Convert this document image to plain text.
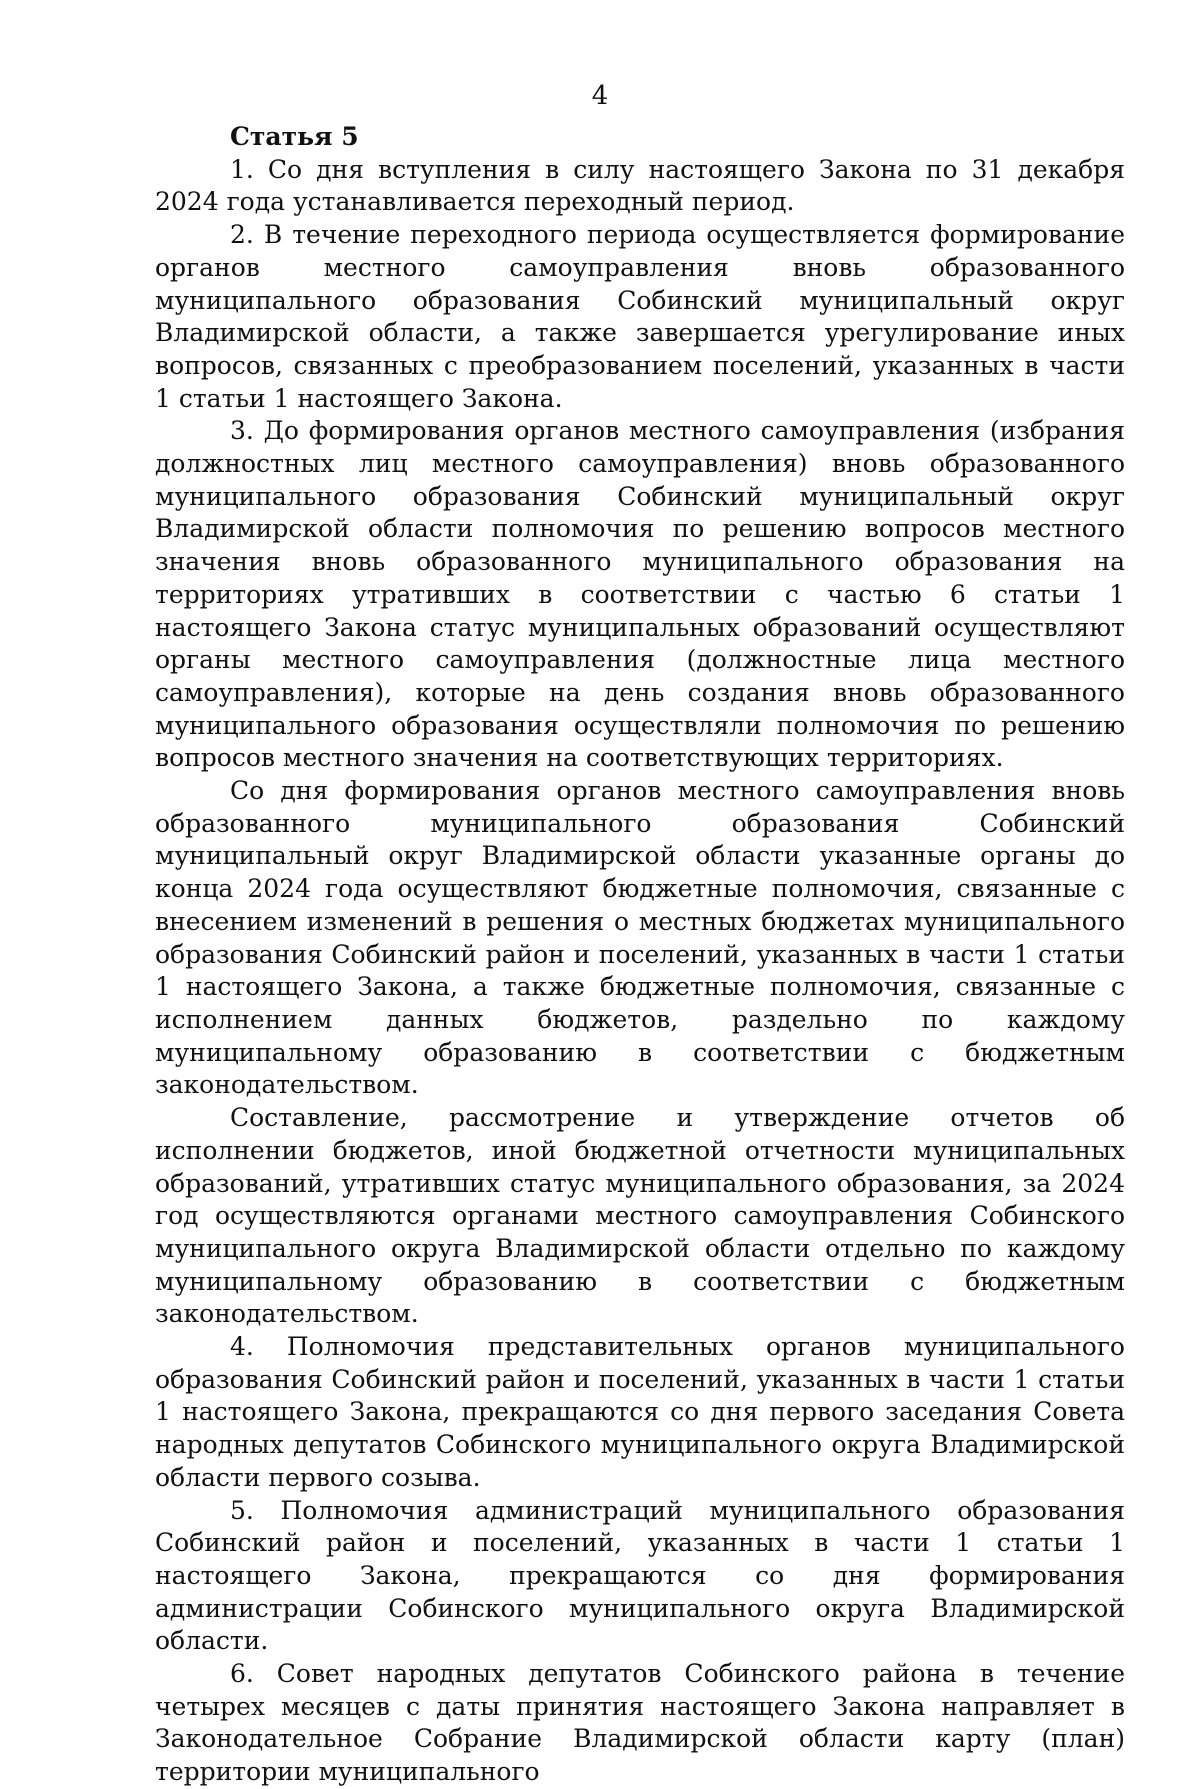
4

Статья 5

1. Со дня вступления в силу настоящего Закона по 31 декабря 2024 года устанавливается переходный период.

2. В течение переходного периода осуществляется формирование органов местного самоуправления вновь образованного муниципального образования Собинский муниципальный округ Владимирской области, а также завершается урегулирование иных вопросов, связанных с преобразованием поселений, указанных в части 1 статьи 1 настоящего Закона.

3. До формирования органов местного самоуправления (избрания должностных лиц местного самоуправления) вновь образованного муниципального образования Собинский муниципальный округ Владимирской области полномочия по решению вопросов местного значения вновь образованного муниципального образования на территориях утративших в соответствии с частью 6 статьи 1 настоящего Закона статус муниципальных образований осуществляют органы местного самоуправления (должностные лица местного самоуправления), которые на день создания вновь образованного муниципального образования осуществляли полномочия по решению вопросов местного значения на соответствующих территориях.

Со дня формирования органов местного самоуправления вновь образованного муниципального образования Собинский муниципальный округ Владимирской области указанные органы до конца 2024 года осуществляют бюджетные полномочия, связанные с внесением изменений в решения о местных бюджетах муниципального образования Собинский район и поселений, указанных в части 1 статьи 1 настоящего Закона, а также бюджетные полномочия, связанные с исполнением данных бюджетов, раздельно по каждому муниципальному образованию в соответствии с бюджетным законодательством.

Составление, рассмотрение и утверждение отчетов об исполнении бюджетов, иной бюджетной отчетности муниципальных образований, утративших статус муниципального образования, за 2024 год осуществляются органами местного самоуправления Собинского муниципального округа Владимирской области отдельно по каждому муниципальному образованию в соответствии с бюджетным законодательством.

4. Полномочия представительных органов муниципального образования Собинский район и поселений, указанных в части 1 статьи 1 настоящего Закона, прекращаются со дня первого заседания Совета народных депутатов Собинского муниципального округа Владимирской области первого созыва.

5. Полномочия администраций муниципального образования Собинский район и поселений, указанных в части 1 статьи 1 настоящего Закона, прекращаются со дня формирования администрации Собинского муниципального округа Владимирской области.

6. Совет народных депутатов Собинского района в течение четырех месяцев с даты принятия настоящего Закона направляет в Законодательное Собрание Владимирской области карту (план) территории муниципального
